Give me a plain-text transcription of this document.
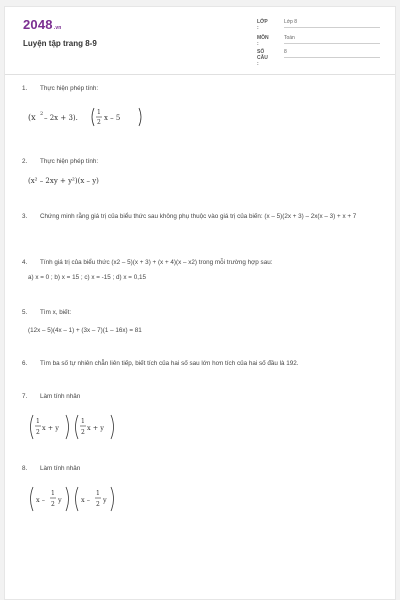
2048.vn
Luyện tập trang 8-9
LỚP :
Lớp 8
MÔN :
Toán
SỐ CÂU :
8
1. Thực hiện phép tính:
(x 2 – 2x + 3).
1
2
x – 5
2. Thực hiện phép tính:
(x² – 2xy + y²)(x – y)
3. Chứng minh rằng giá trị của biểu thức sau không phụ thuộc vào giá trị của biến: (x – 5)(2x + 3) – 2x(x – 3) + x + 7
4. Tính giá trị của biểu thức (x2 – 5)(x + 3) + (x + 4)(x – x2) trong mỗi trường hợp sau:
a) x = 0 ; b) x = 15 ; c) x = -15 ; d) x = 0,15
5. Tìm x, biết:
(12x – 5)(4x – 1) + (3x – 7)(1 – 16x) = 81
6. Tìm ba số tự nhiên chẵn liên tiếp, biết tích của hai số sau lớn hơn tích của hai số đầu là 192.
7. Làm tính nhân
1
2
x + y
1
2
x + y
8. Làm tính nhân
x –
1
2
y	x –
1
2
y
